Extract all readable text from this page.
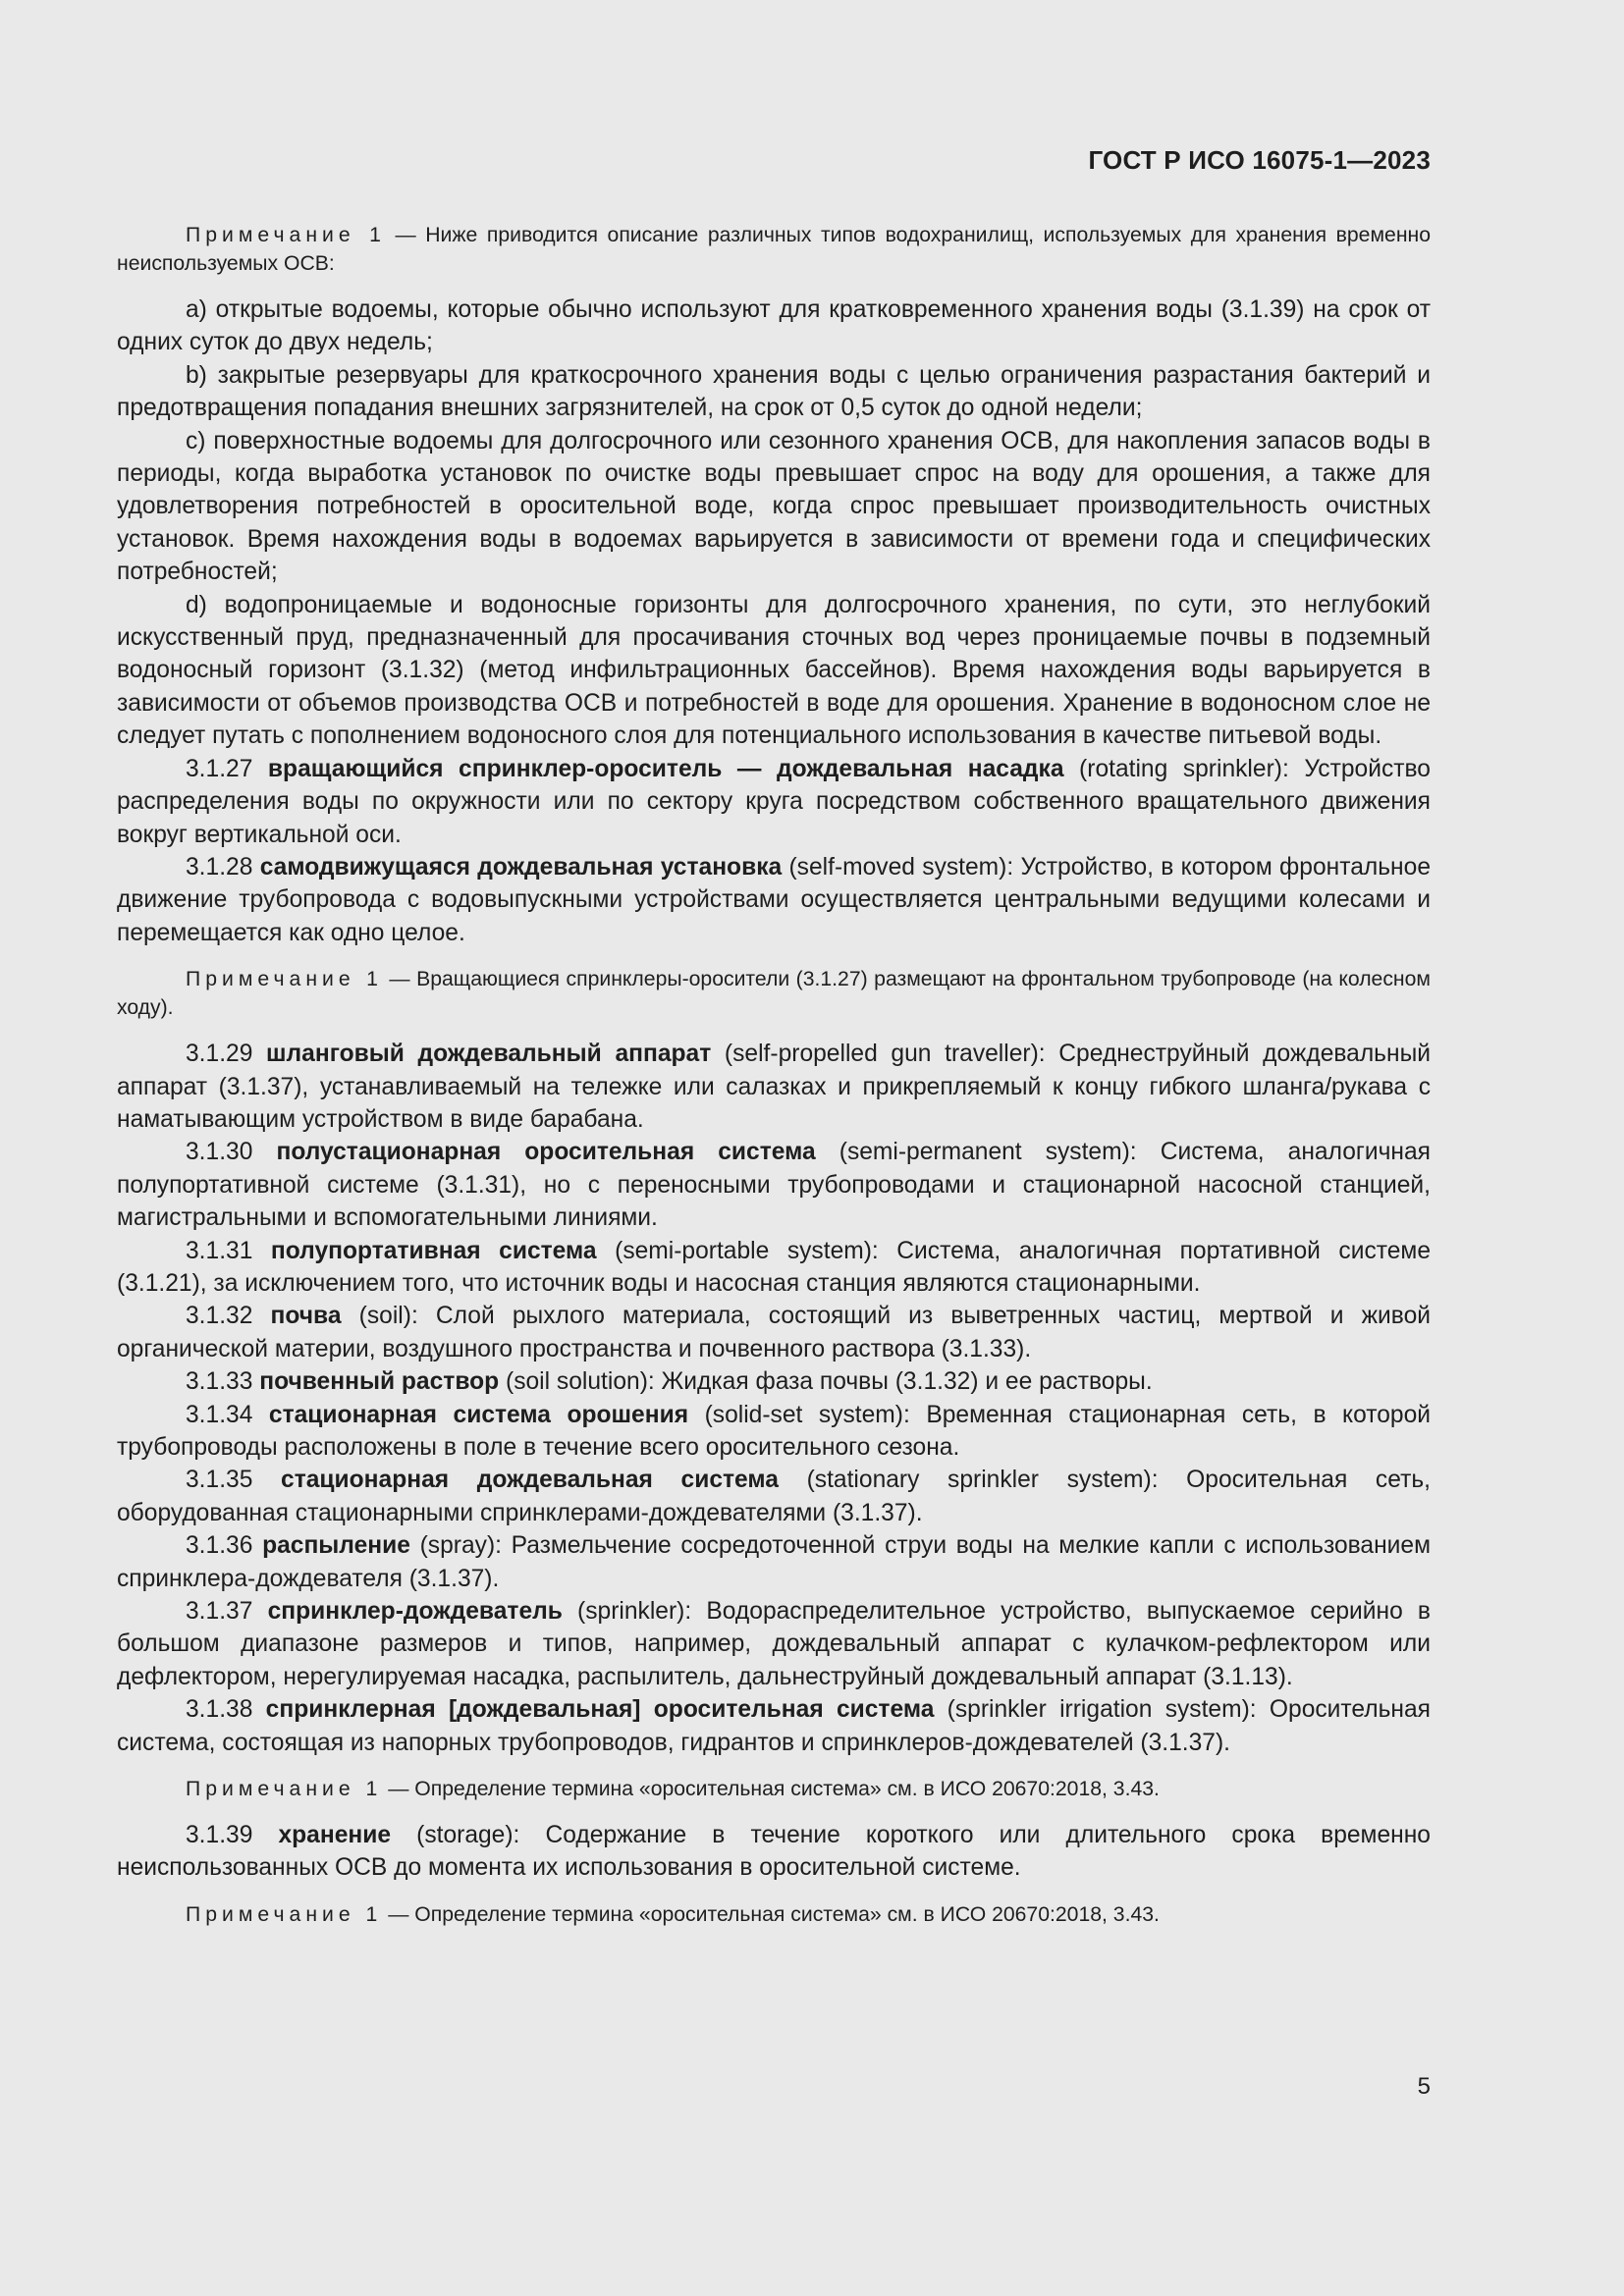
ГОСТ Р ИСО 16075-1—2023

Примечание 1 — Ниже приводится описание различных типов водохранилищ, используемых для хранения временно неиспользуемых ОСВ:

a) открытые водоемы, которые обычно используют для кратковременного хранения воды (3.1.39) на срок от одних суток до двух недель;

b) закрытые резервуары для краткосрочного хранения воды с целью ограничения разрастания бактерий и предотвращения попадания внешних загрязнителей, на срок от 0,5 суток до одной недели;

c) поверхностные водоемы для долгосрочного или сезонного хранения ОСВ, для накопления запасов воды в периоды, когда выработка установок по очистке воды превышает спрос на воду для орошения, а также для удовлетворения потребностей в оросительной воде, когда спрос превышает производительность очистных установок. Время нахождения воды в водоемах варьируется в зависимости от времени года и специфических потребностей;

d) водопроницаемые и водоносные горизонты для долгосрочного хранения, по сути, это неглубокий искусственный пруд, предназначенный для просачивания сточных вод через проницаемые почвы в подземный водоносный горизонт (3.1.32) (метод инфильтрационных бассейнов). Время нахождения воды варьируется в зависимости от объемов производства ОСВ и потребностей в воде для орошения. Хранение в водоносном слое не следует путать с пополнением водоносного слоя для потенциального использования в качестве питьевой воды.

3.1.27 вращающийся спринклер-ороситель — дождевальная насадка (rotating sprinkler): Устройство распределения воды по окружности или по сектору круга посредством собственного вращательного движения вокруг вертикальной оси.

3.1.28 самодвижущаяся дождевальная установка (self-moved system): Устройство, в котором фронтальное движение трубопровода с водовыпускными устройствами осуществляется центральными ведущими колесами и перемещается как одно целое.

Примечание 1 — Вращающиеся спринклеры-оросители (3.1.27) размещают на фронтальном трубопроводе (на колесном ходу).

3.1.29 шланговый дождевальный аппарат (self-propelled gun traveller): Среднеструйный дождевальный аппарат (3.1.37), устанавливаемый на тележке или салазках и прикрепляемый к концу гибкого шланга/рукава с наматывающим устройством в виде барабана.

3.1.30 полустационарная оросительная система (semi-permanent system): Система, аналогичная полупортативной системе (3.1.31), но с переносными трубопроводами и стационарной насосной станцией, магистральными и вспомогательными линиями.

3.1.31 полупортативная система (semi-portable system): Система, аналогичная портативной системе (3.1.21), за исключением того, что источник воды и насосная станция являются стационарными.

3.1.32 почва (soil): Слой рыхлого материала, состоящий из выветренных частиц, мертвой и живой органической материи, воздушного пространства и почвенного раствора (3.1.33).

3.1.33 почвенный раствор (soil solution): Жидкая фаза почвы (3.1.32) и ее растворы.

3.1.34 стационарная система орошения (solid-set system): Временная стационарная сеть, в которой трубопроводы расположены в поле в течение всего оросительного сезона.

3.1.35 стационарная дождевальная система (stationary sprinkler system): Оросительная сеть, оборудованная стационарными спринклерами-дождевателями (3.1.37).

3.1.36 распыление (spray): Размельчение сосредоточенной струи воды на мелкие капли с использованием спринклера-дождевателя (3.1.37).

3.1.37 спринклер-дождеватель (sprinkler): Водораспределительное устройство, выпускаемое серийно в большом диапазоне размеров и типов, например, дождевальный аппарат с кулачком-рефлектором или дефлектором, нерегулируемая насадка, распылитель, дальнеструйный дождевальный аппарат (3.1.13).

3.1.38 спринклерная [дождевальная] оросительная система (sprinkler irrigation system): Оросительная система, состоящая из напорных трубопроводов, гидрантов и спринклеров-дождевателей (3.1.37).

Примечание 1 — Определение термина «оросительная система» см. в ИСО 20670:2018, 3.43.

3.1.39 хранение (storage): Содержание в течение короткого или длительного срока временно неиспользованных ОСВ до момента их использования в оросительной системе.

Примечание 1 — Определение термина «оросительная система» см. в ИСО 20670:2018, 3.43.

5
